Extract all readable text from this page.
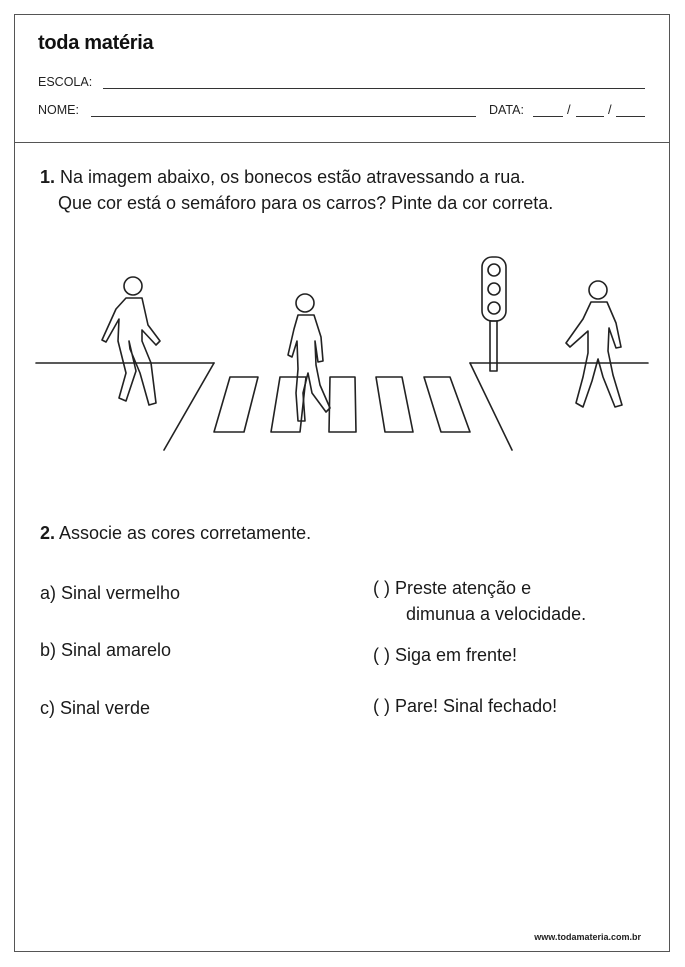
toda matéria
ESCOLA:
NOME:	DATA:	/	/
1. Na imagem abaixo, os bonecos estão atravessando a rua.
Que cor está o semáforo para os carros? Pinte da cor correta.
2. Associe as cores corretamente.
a) Sinal vermelho
b) Sinal amarelo
c) Sinal verde
( ) Preste atenção e
dimunua a velocidade.
( ) Siga em frente!
( ) Pare! Sinal fechado!
www.todamateria.com.br
